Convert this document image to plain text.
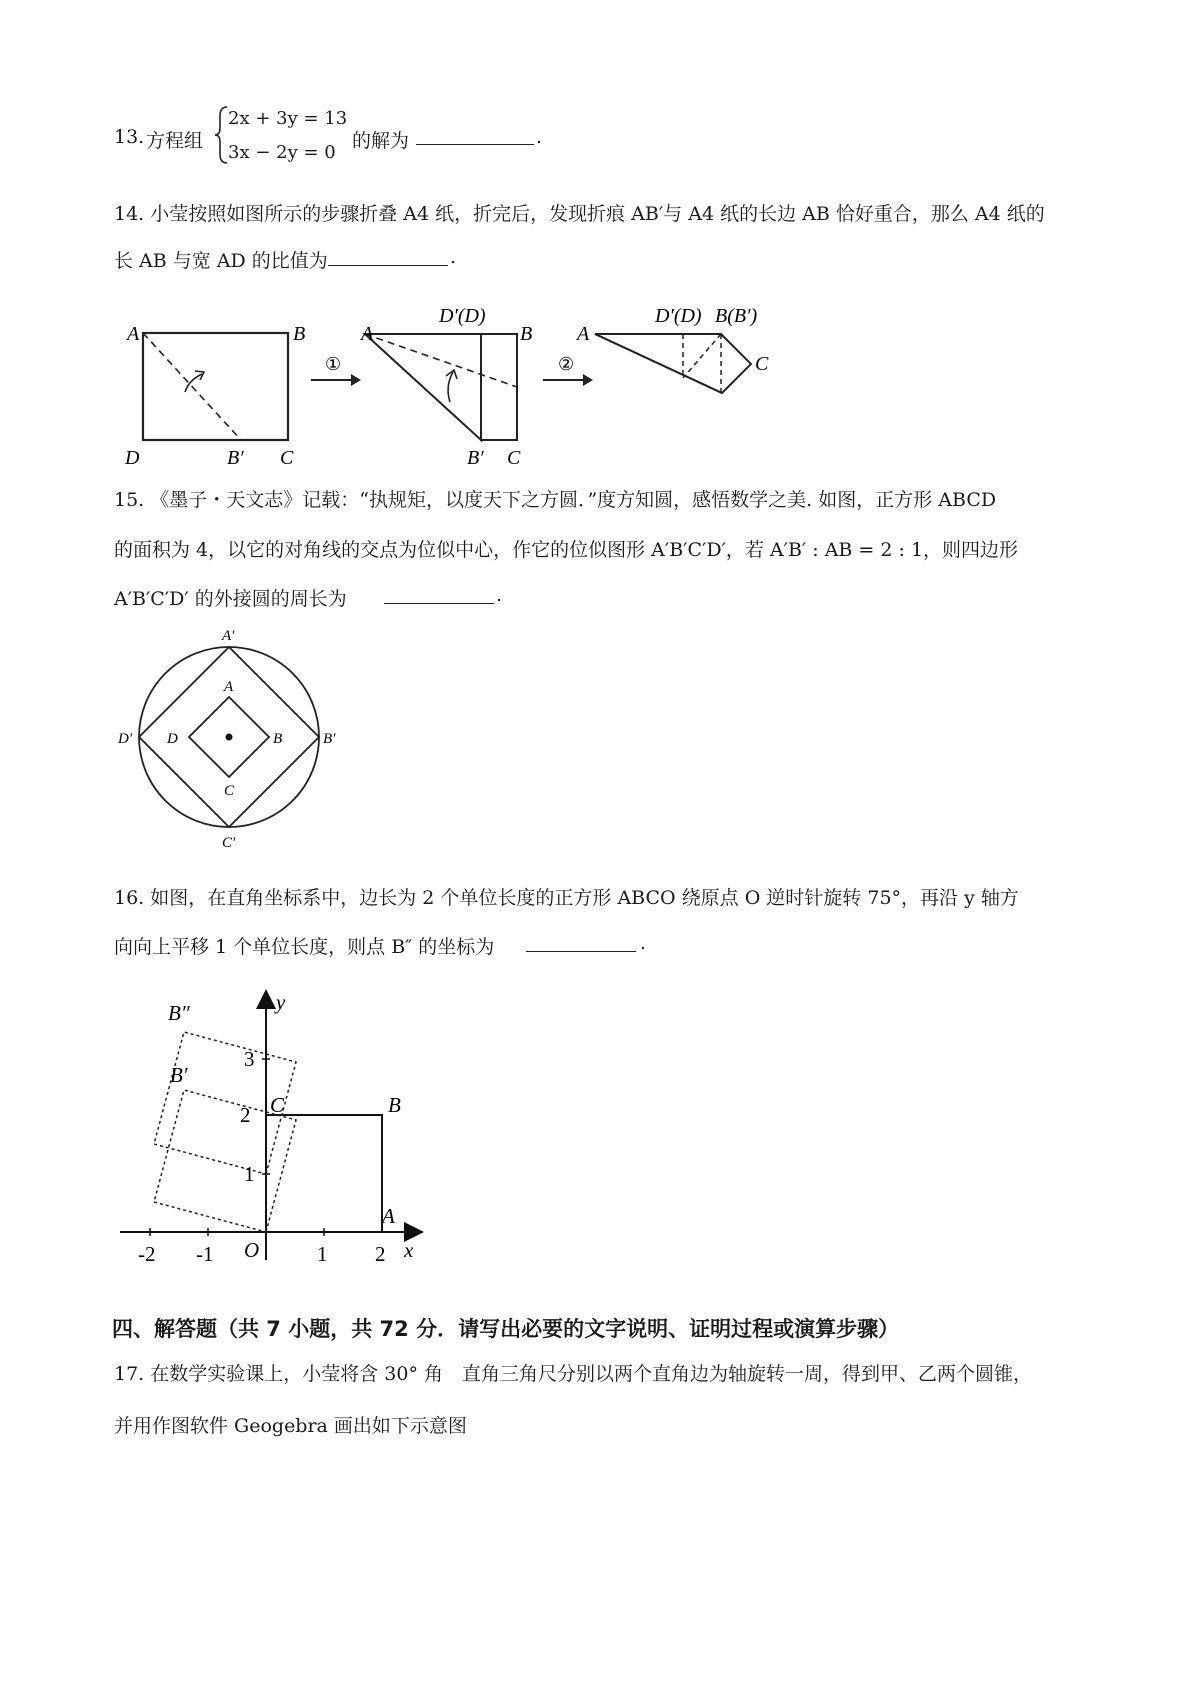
13. 方程组
2x + 3y = 13
3x − 2y = 0
的解为	.
14. 小莹按照如图所示的步骤折叠 A4 纸，折完后，发现折痕 AB′与 A4 纸的长边 AB 恰好重合，那么 A4 纸的
长 AB 与宽 AD 的比值为	.
A	B
D	B′ C
①
A
D′(D)
B
B′ C
②
A
D′(D) B(B′)
C
15. 《墨子・天文志》记载：“执规矩，以度天下之方圆．”度方知圆，感悟数学之美. 如图，正方形 ABCD
的面积为 4，以它的对角线的交点为位似中心，作它的位似图形 A′B′C′D′，若 A′B′ : AB = 2 : 1，则四边形
A′B′C′D′ 的外接圆的周长为	.
A′
B′
C′
D′
A
B
C
D
16. 如图，在直角坐标系中，边长为 2 个单位长度的正方形 ABCO 绕原点 O 逆时针旋转 75°，再沿 y 轴方
向向上平移 1 个单位长度，则点 B″ 的坐标为	.
-2 -1	1 2
1
2
3
O	x
y
C	B
A
B′
B″
四、解答题（共 7 小题，共 72 分．请写出必要的文字说明、证明过程或演算步骤）
17. 在数学实验课上，小莹将含 30° 角　直角三角尺分别以两个直角边为轴旋转一周，得到甲、乙两个圆锥，
并用作图软件 Geogebra 画出如下示意图
